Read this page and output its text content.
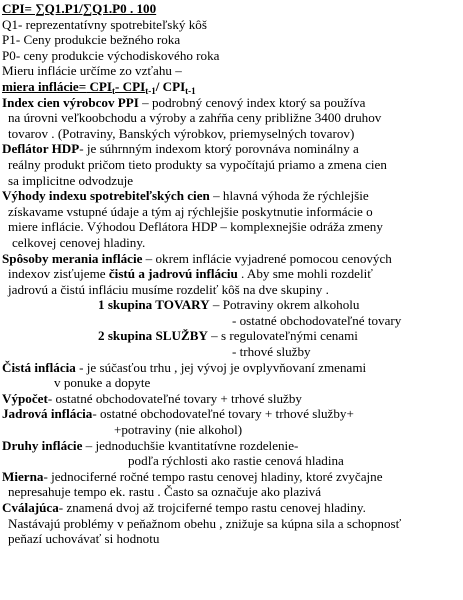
CPI= ∑Q1.P1/∑Q1.P0 . 100
Q1- reprezentatívny spotrebiteľský kôš
P1- Ceny produkcie bežného roka
P0- ceny produkcie východiskového roka
Mieru inflácie určíme zo vzťahu –
miera inflácie= $CPI_t-$ $CPI_{t-1}/$ $CPI_{t-1}$
Index cien výrobcov PPI – podrobný cenový index ktorý sa používa
na úrovni veľkoobchodu a výroby a zahŕňa ceny približne 3400 druhov
tovarov . (Potraviny, Banských výrobkov, priemyselných tovarov)
Deflátor HDP- je súhrnným indexom ktorý porovnáva nominálny a
reálny produkt pričom tieto produkty sa vypočítajú priamo a zmena cien
sa implicitne odvodzuje
Výhody indexu spotrebiteľských cien – hlavná výhoda že rýchlejšie
získavame vstupné údaje a tým aj rýchlejšie poskytnutie informácie o
miere inflácie. Výhodou Deflátora HDP – komplexnejšie odráža zmeny
celkovej cenovej hladiny.
Spôsoby merania inflácie – okrem inflácie vyjadrené pomocou cenových
indexov zisťujeme čistú a jadrovú infláciu . Aby sme mohli rozdeliť
jadrovú a čistú infláciu musíme rozdeliť kôš na dve skupiny .
1 skupina TOVARY – Potraviny okrem alkoholu
- ostatné obchodovateľné tovary
2 skupina SLUŽBY – s regulovateľnými cenami
- trhové služby
Čistá inflácia - je súčasťou trhu , jej vývoj je ovplyvňovaní zmenami
v ponuke a dopyte
Výpočet- ostatné obchodovateľné tovary + trhové služby
Jadrová inflácia- ostatné obchodovateľné tovary + trhové služby+
+potraviny (nie alkohol)
Druhy inflácie – jednoduchšie kvantitatívne rozdelenie-
podľa rýchlosti ako rastie cenová hladina
Mierna- jednociferné ročné tempo rastu cenovej hladiny, ktoré zvyčajne
nepresahuje tempo ek. rastu . Často sa označuje ako plazivá
Cválajúca- znamená dvoj až trojciferné tempo rastu cenovej hladiny.
Nastávajú problémy v peňažnom obehu , znižuje sa kúpna sila a schopnosť
peňazí uchovávať si hodnotu
